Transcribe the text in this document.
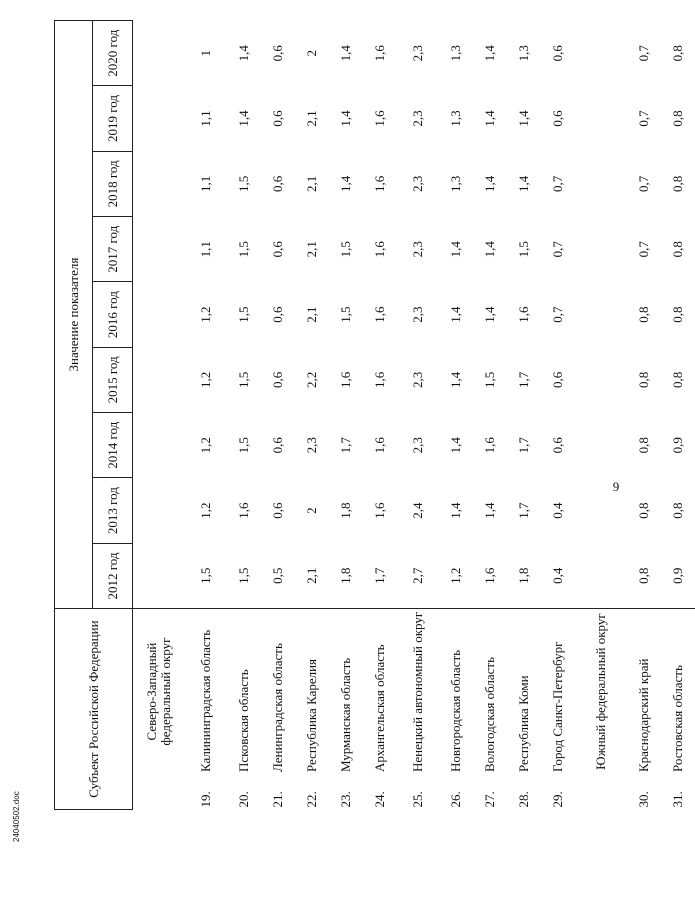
9
Субъект Российской Федерации		Значение показателя								
		2012 год	2013 год	2014 год	2015 год	2016 год	2017 год	2018 год	2019 год	2020 год
	Северо-Западный федеральный округ									
19.	Калининградская область	1,5	1,2	1,2	1,2	1,2	1,1	1,1	1,1	1
20.	Псковская область	1,5	1,6	1,5	1,5	1,5	1,5	1,5	1,4	1,4
21.	Ленинградская область	0,5	0,6	0,6	0,6	0,6	0,6	0,6	0,6	0,6
22.	Республика Карелия	2,1	2	2,3	2,2	2,1	2,1	2,1	2,1	2
23.	Мурманская область	1,8	1,8	1,7	1,6	1,5	1,5	1,4	1,4	1,4
24.	Архангельская область	1,7	1,6	1,6	1,6	1,6	1,6	1,6	1,6	1,6
25.	Ненецкий автономный округ	2,7	2,4	2,3	2,3	2,3	2,3	2,3	2,3	2,3
26.	Новгородская область	1,2	1,4	1,4	1,4	1,4	1,4	1,3	1,3	1,3
27.	Вологодская область	1,6	1,4	1,6	1,5	1,4	1,4	1,4	1,4	1,4
28.	Республика Коми	1,8	1,7	1,7	1,7	1,6	1,5	1,4	1,4	1,3
29.	Город Санкт-Петербург	0,4	0,4	0,6	0,6	0,7	0,7	0,7	0,6	0,6
	Южный федеральный округ									
30.	Краснодарский край	0,8	0,8	0,8	0,8	0,8	0,7	0,7	0,7	0,7
31.	Ростовская область	0,9	0,8	0,9	0,8	0,8	0,8	0,8	0,8	0,8
24040502.doc
